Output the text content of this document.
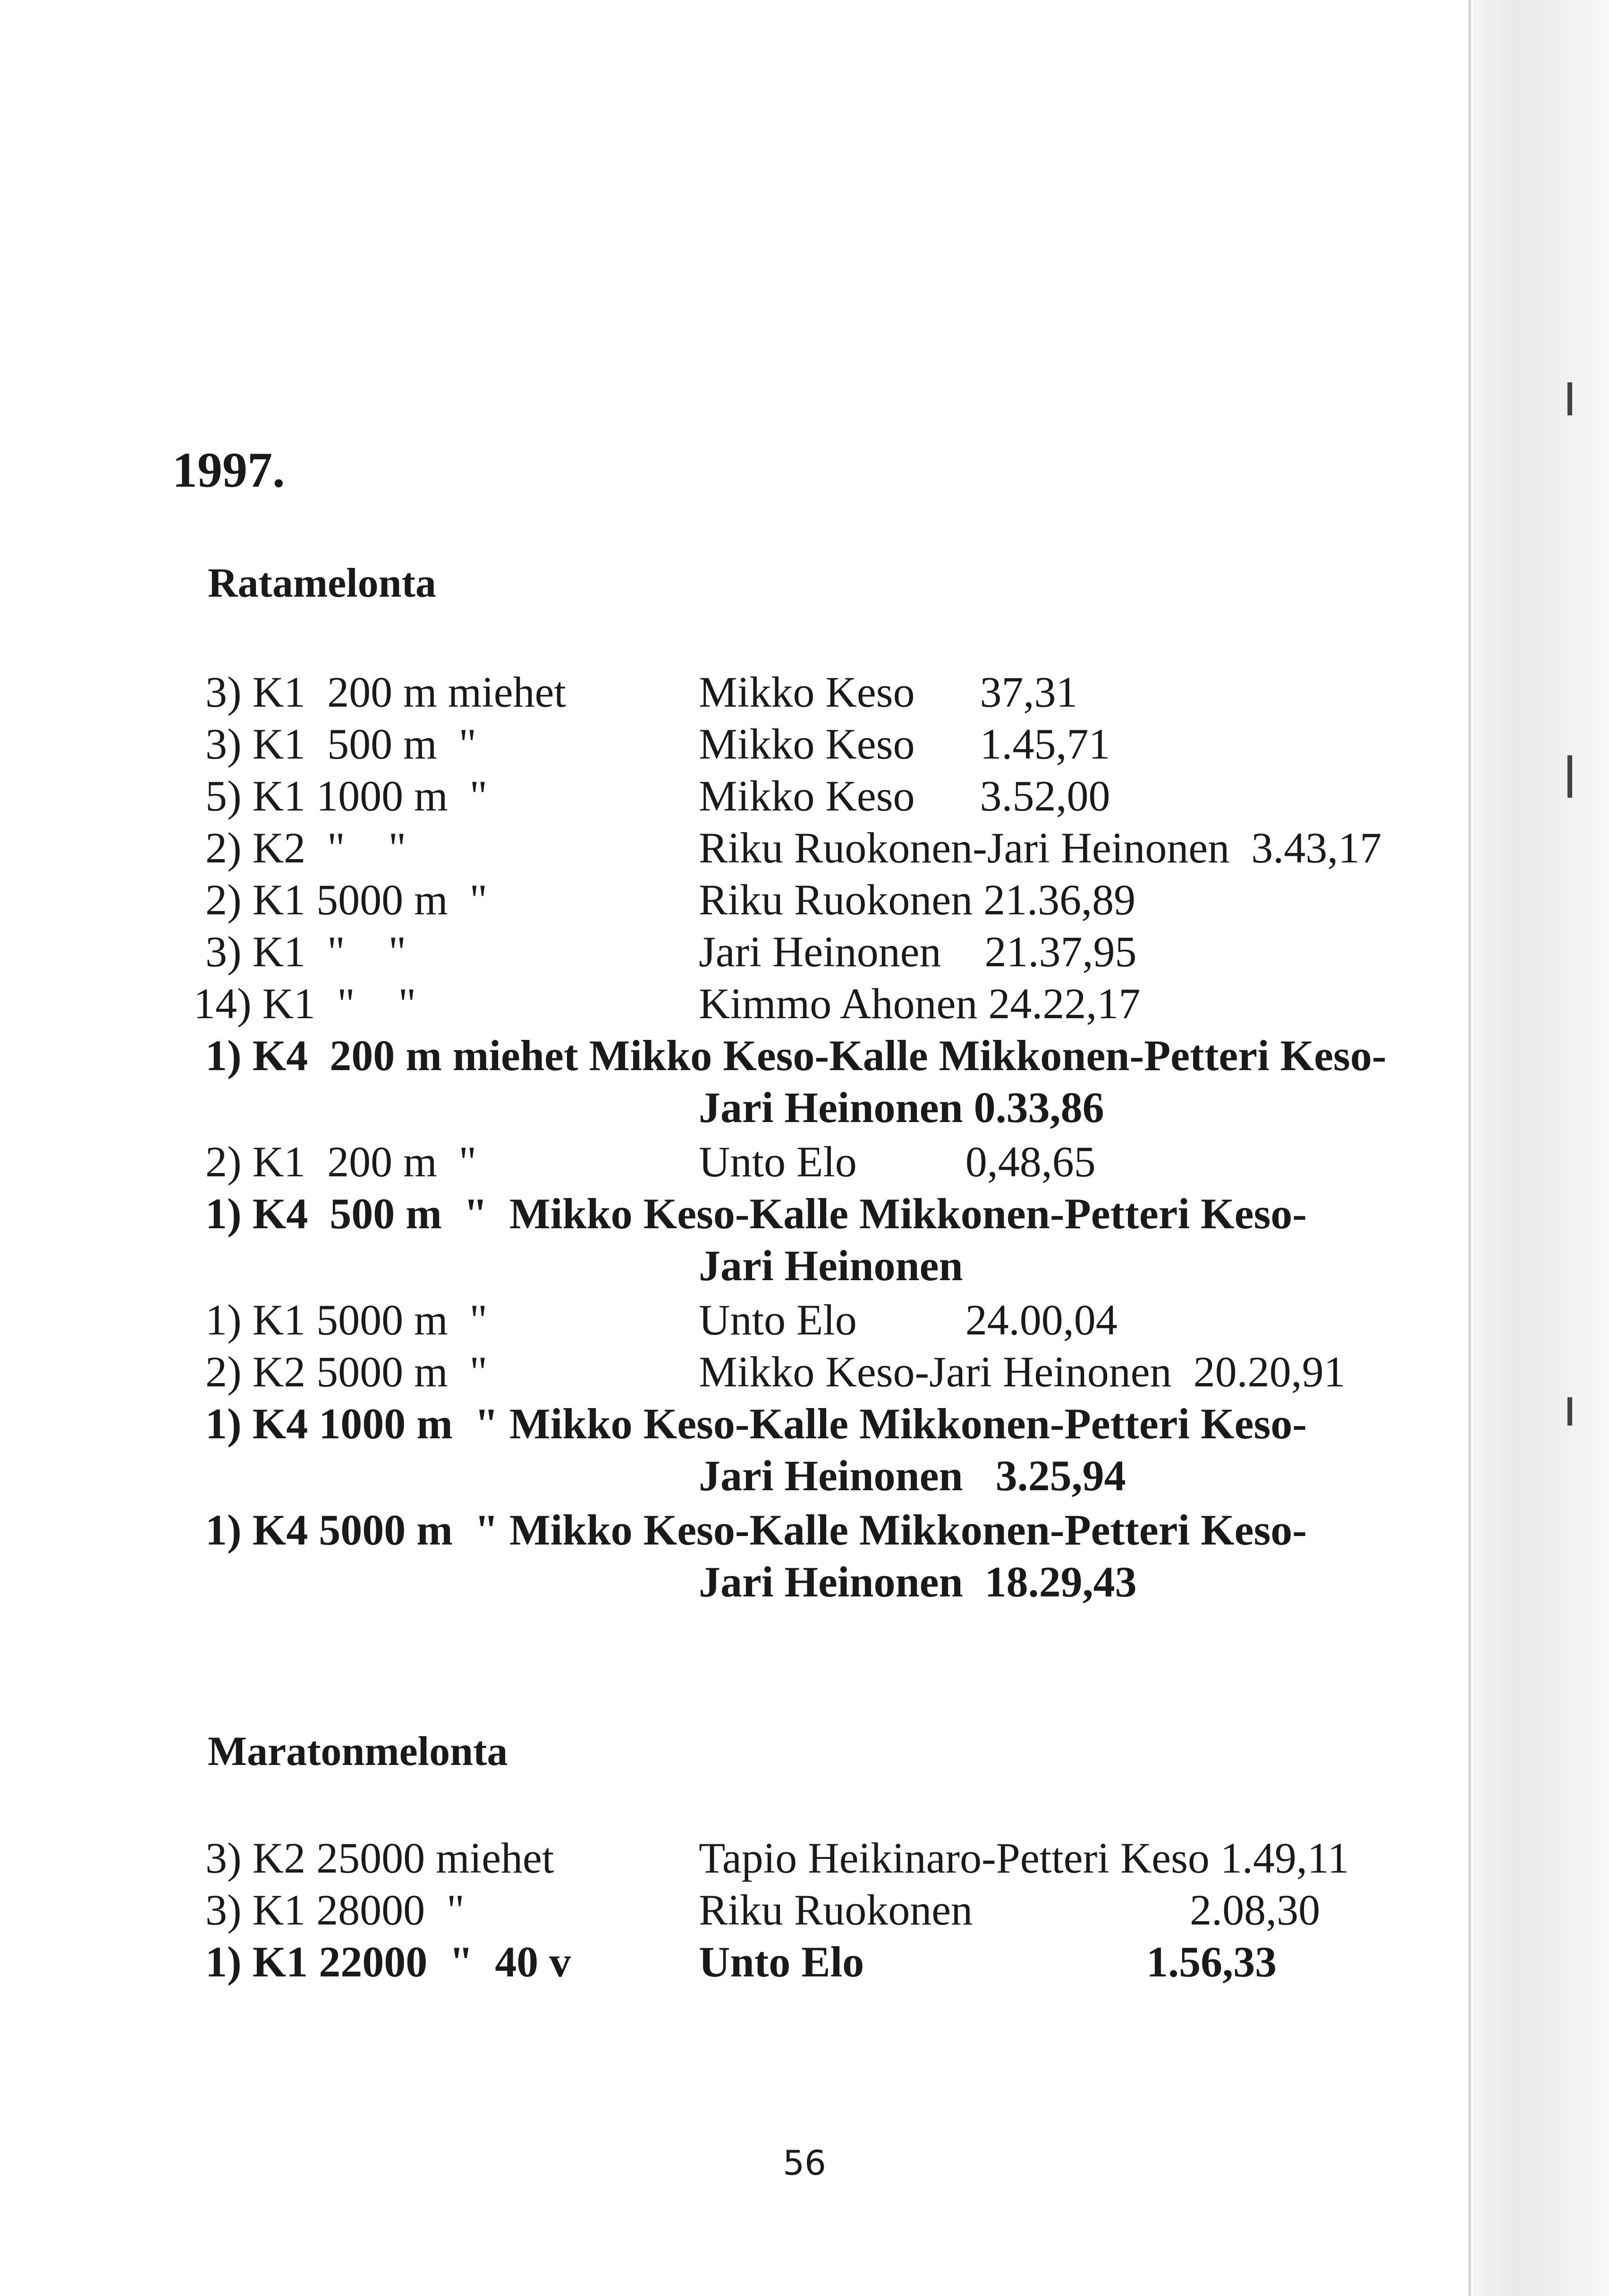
1997.
Ratamelonta
3) K1  200 m miehet	Mikko Keso      37,31
3) K1  500 m  "	Mikko Keso      1.45,71
5) K1 1000 m  "	Mikko Keso      3.52,00
2) K2  "    "	Riku Ruokonen-Jari Heinonen  3.43,17
2) K1 5000 m  "	Riku Ruokonen 21.36,89
3) K1  "    "	Jari Heinonen    21.37,95
14) K1  "    "	Kimmo Ahonen 24.22,17
1) K4  200 m miehet Mikko Keso-Kalle Mikkonen-Petteri Keso-
Jari Heinonen 0.33,86
2) K1  200 m  "	Unto Elo          0,48,65
1) K4  500 m  "  Mikko Keso-Kalle Mikkonen-Petteri Keso-
Jari Heinonen
1) K1 5000 m  "	Unto Elo          24.00,04
2) K2 5000 m  "	Mikko Keso-Jari Heinonen  20.20,91
1) K4 1000 m  " Mikko Keso-Kalle Mikkonen-Petteri Keso-
Jari Heinonen   3.25,94
1) K4 5000 m  " Mikko Keso-Kalle Mikkonen-Petteri Keso-
Jari Heinonen  18.29,43
Maratonmelonta
3) K2 25000 miehet	Tapio Heikinaro-Petteri Keso 1.49,11
3) K1 28000  "	Riku Ruokonen                    2.08,30
1) K1 22000  "  40 v	Unto Elo                          1.56,33
56
